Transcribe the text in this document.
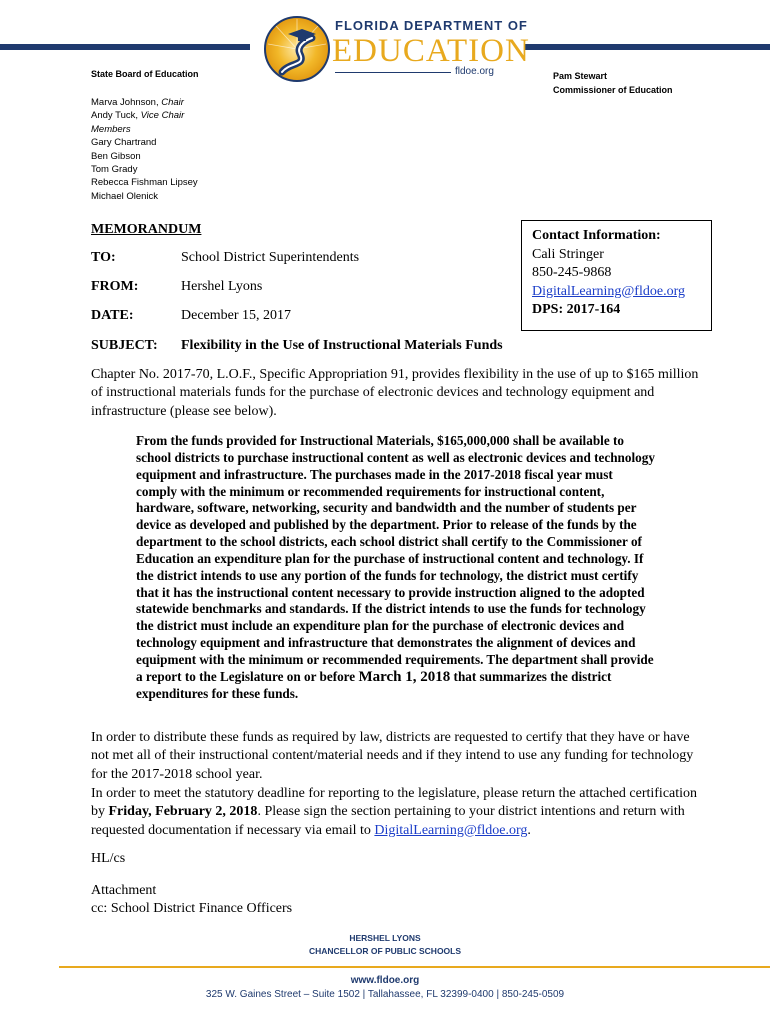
FLORIDA DEPARTMENT OF
EDUCATION
fldoe.org
State Board of Education
Marva Johnson, Chair
Andy Tuck, Vice Chair
Members
Gary Chartrand
Ben Gibson
Tom Grady
Rebecca Fishman Lipsey
Michael Olenick
Pam Stewart
Commissioner of Education
MEMORANDUM
TO:	School District Superintendents
FROM:	Hershel Lyons
DATE:	December 15, 2017
SUBJECT: Flexibility in the Use of Instructional Materials Funds
Contact Information:
Cali Stringer
850-245-9868
DigitalLearning@fldoe.org
DPS: 2017-164
Chapter No. 2017-70, L.O.F., Specific Appropriation 91, provides flexibility in the use of up to $165 million of instructional materials funds for the purchase of electronic devices and technology equipment and infrastructure (please see below).
From the funds provided for Instructional Materials, $165,000,000 shall be available to school districts to purchase instructional content as well as electronic devices and technology equipment and infrastructure. The purchases made in the 2017-2018 fiscal year must comply with the minimum or recommended requirements for instructional content, hardware, software, networking, security and bandwidth and the number of students per device as developed and published by the department. Prior to release of the funds by the department to the school districts, each school district shall certify to the Commissioner of Education an expenditure plan for the purchase of instructional content and technology. If the district intends to use any portion of the funds for technology, the district must certify that it has the instructional content necessary to provide instruction aligned to the adopted statewide benchmarks and standards. If the district intends to use the funds for technology the district must include an expenditure plan for the purchase of electronic devices and technology equipment and infrastructure that demonstrates the alignment of devices and equipment with the minimum or recommended requirements. The department shall provide a report to the Legislature on or before March 1, 2018 that summarizes the district expenditures for these funds.
In order to distribute these funds as required by law, districts are requested to certify that they have or have not met all of their instructional content/material needs and if they intend to use any funding for technology for the 2017-2018 school year.
In order to meet the statutory deadline for reporting to the legislature, please return the attached certification by Friday, February 2, 2018. Please sign the section pertaining to your district intentions and return with requested documentation if necessary via email to DigitalLearning@fldoe.org.
HL/cs
Attachment
cc: School District Finance Officers
HERSHEL LYONS
CHANCELLOR OF PUBLIC SCHOOLS
www.fldoe.org
325 W. Gaines Street – Suite 1502 | Tallahassee, FL 32399-0400 | 850-245-0509
